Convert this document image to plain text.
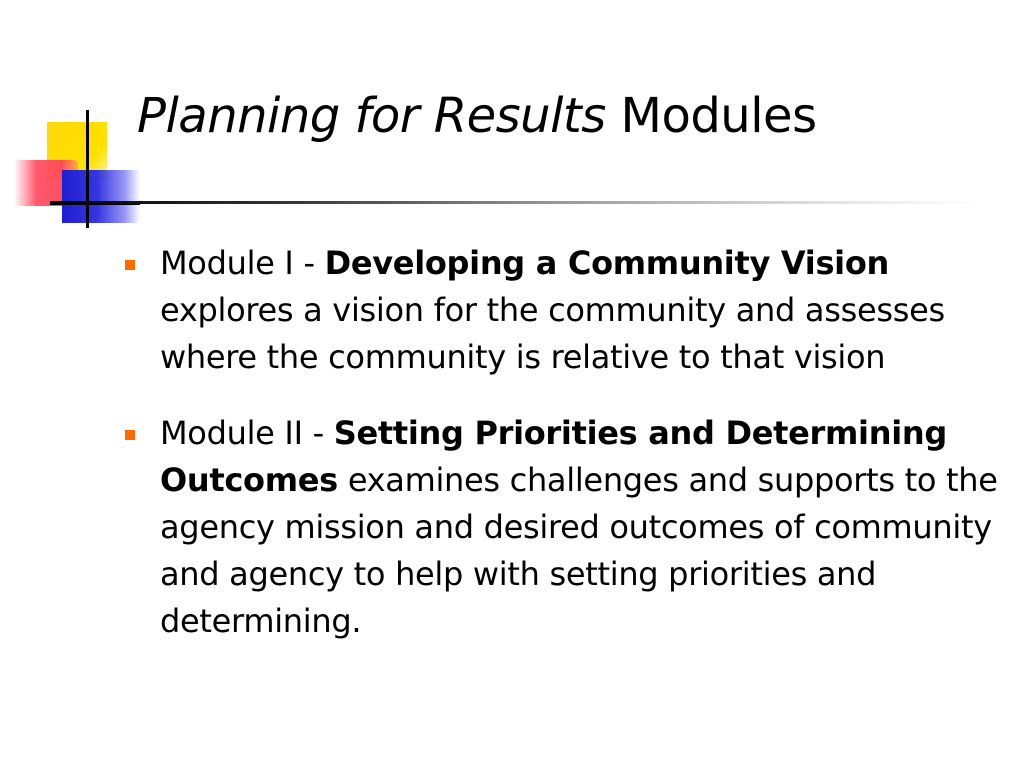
Planning for Results Modules
Module I - Developing a Community Vision explores a vision for the community and assesses where the community is relative to that vision
Module II - Setting Priorities and Determining Outcomes examines challenges and supports to the agency mission and desired outcomes of community and agency to help with setting priorities and determining.
